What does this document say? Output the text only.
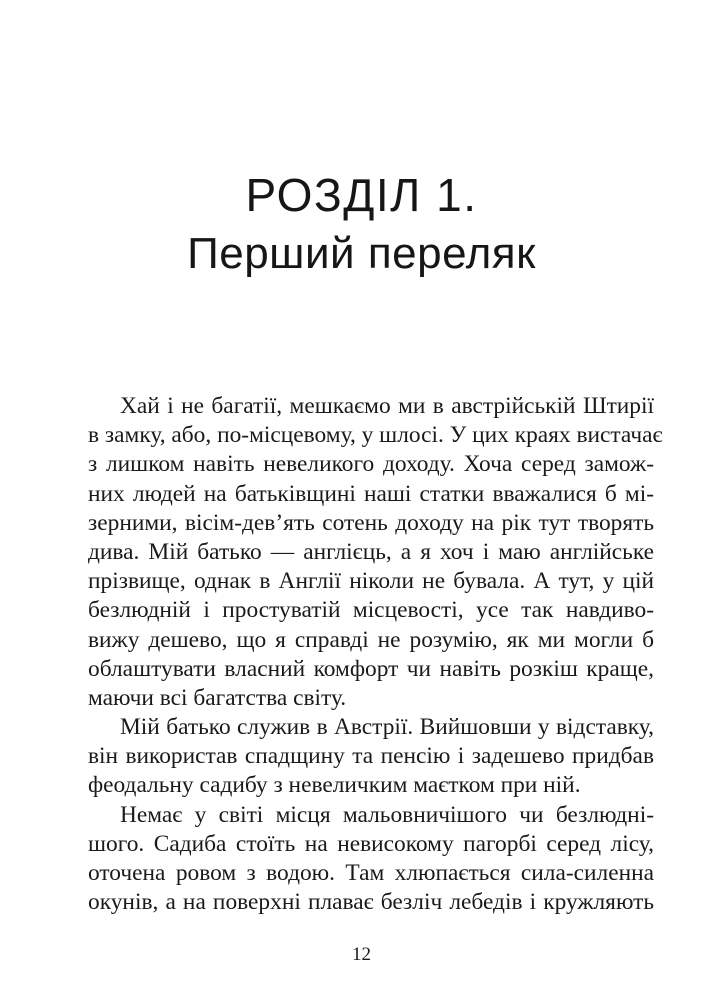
РОЗДІЛ 1.
Перший переляк

Хай і не багатії, мешкаємо ми в австрійській Штирії
в замку, або, по-місцевому, у шлосі. У цих краях вистачає
з лишком навіть невеликого доходу. Хоча серед замож-
них людей на батьківщині наші статки вважалися б мі-
зерними, вісім-дев’ять сотень доходу на рік тут творять
дива. Мій батько — англієць, а я хоч і маю англійське
прізвище, однак в Англії ніколи не бувала. А тут, у цій
безлюдній і простуватій місцевості, усе так навдиво-
вижу дешево, що я справді не розумію, як ми могли б
облаштувати власний комфорт чи навіть розкіш краще,
маючи всі багатства світу.

Мій батько служив в Австрії. Вийшовши у відставку,
він використав спадщину та пенсію і задешево придбав
феодальну садибу з невеличким маєтком при ній.

Немає у світі місця мальовничішого чи безлюдні-
шого. Садиба стоїть на невисокому пагорбі серед лісу,
оточена ровом з водою. Там хлюпається сила-силенна
окунів, а на поверхні плаває безліч лебедів і кружляють

12
